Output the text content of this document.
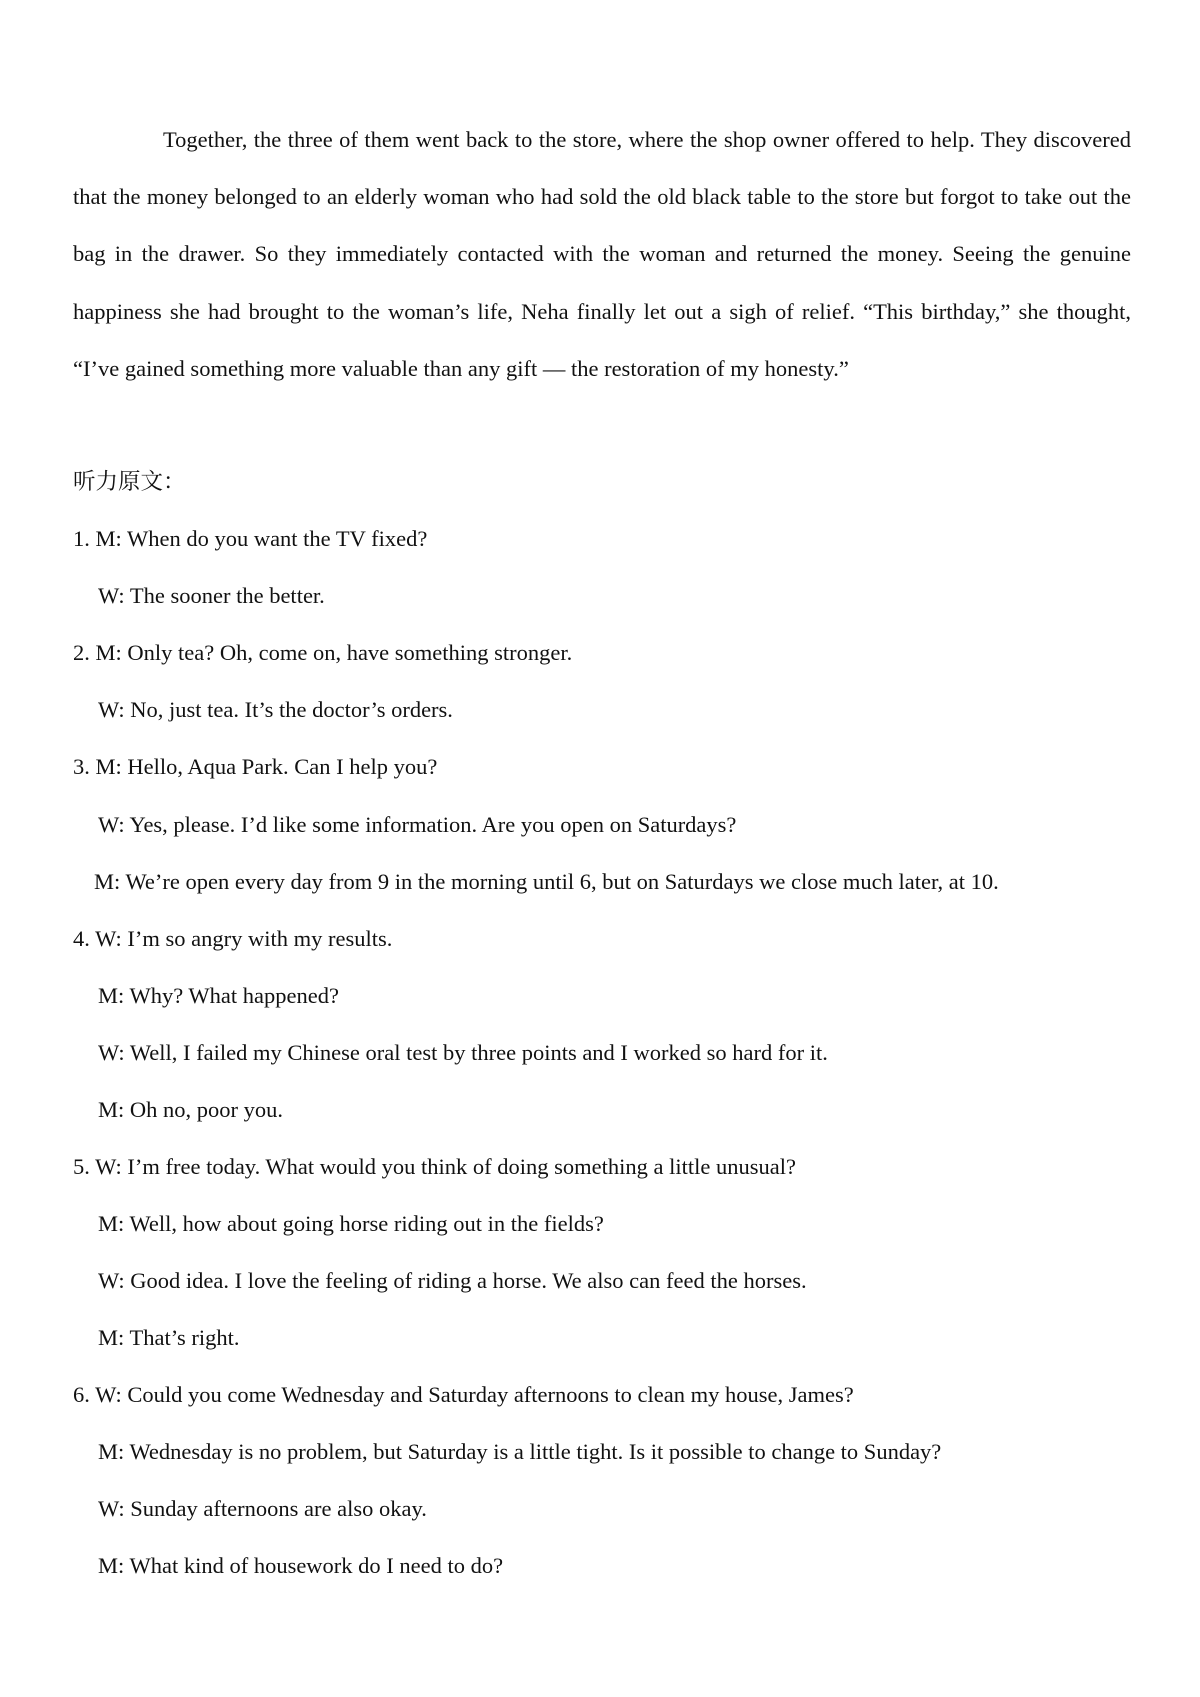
Together, the three of them went back to the store, where the shop owner offered to help. They discovered that the money belonged to an elderly woman who had sold the old black table to the store but forgot to take out the bag in the drawer. So they immediately contacted with the woman and returned the money. Seeing the genuine happiness she had brought to the woman’s life, Neha finally let out a sigh of relief. “This birthday,” she thought, “I’ve gained something more valuable than any gift — the restoration of my honesty.”

听力原文：
1. M: When do you want the TV fixed?
W: The sooner the better.
2. M: Only tea? Oh, come on, have something stronger.
W: No, just tea. It’s the doctor’s orders.
3. M: Hello, Aqua Park. Can I help you?
W: Yes, please. I’d like some information. Are you open on Saturdays?
M: We’re open every day from 9 in the morning until 6, but on Saturdays we close much later, at 10.
4. W: I’m so angry with my results.
M: Why? What happened?
W: Well, I failed my Chinese oral test by three points and I worked so hard for it.
M: Oh no, poor you.
5. W: I’m free today. What would you think of doing something a little unusual?
M: Well, how about going horse riding out in the fields?
W: Good idea. I love the feeling of riding a horse. We also can feed the horses.
M: That’s right.
6. W: Could you come Wednesday and Saturday afternoons to clean my house, James?
M: Wednesday is no problem, but Saturday is a little tight. Is it possible to change to Sunday?
W: Sunday afternoons are also okay.
M: What kind of housework do I need to do?
